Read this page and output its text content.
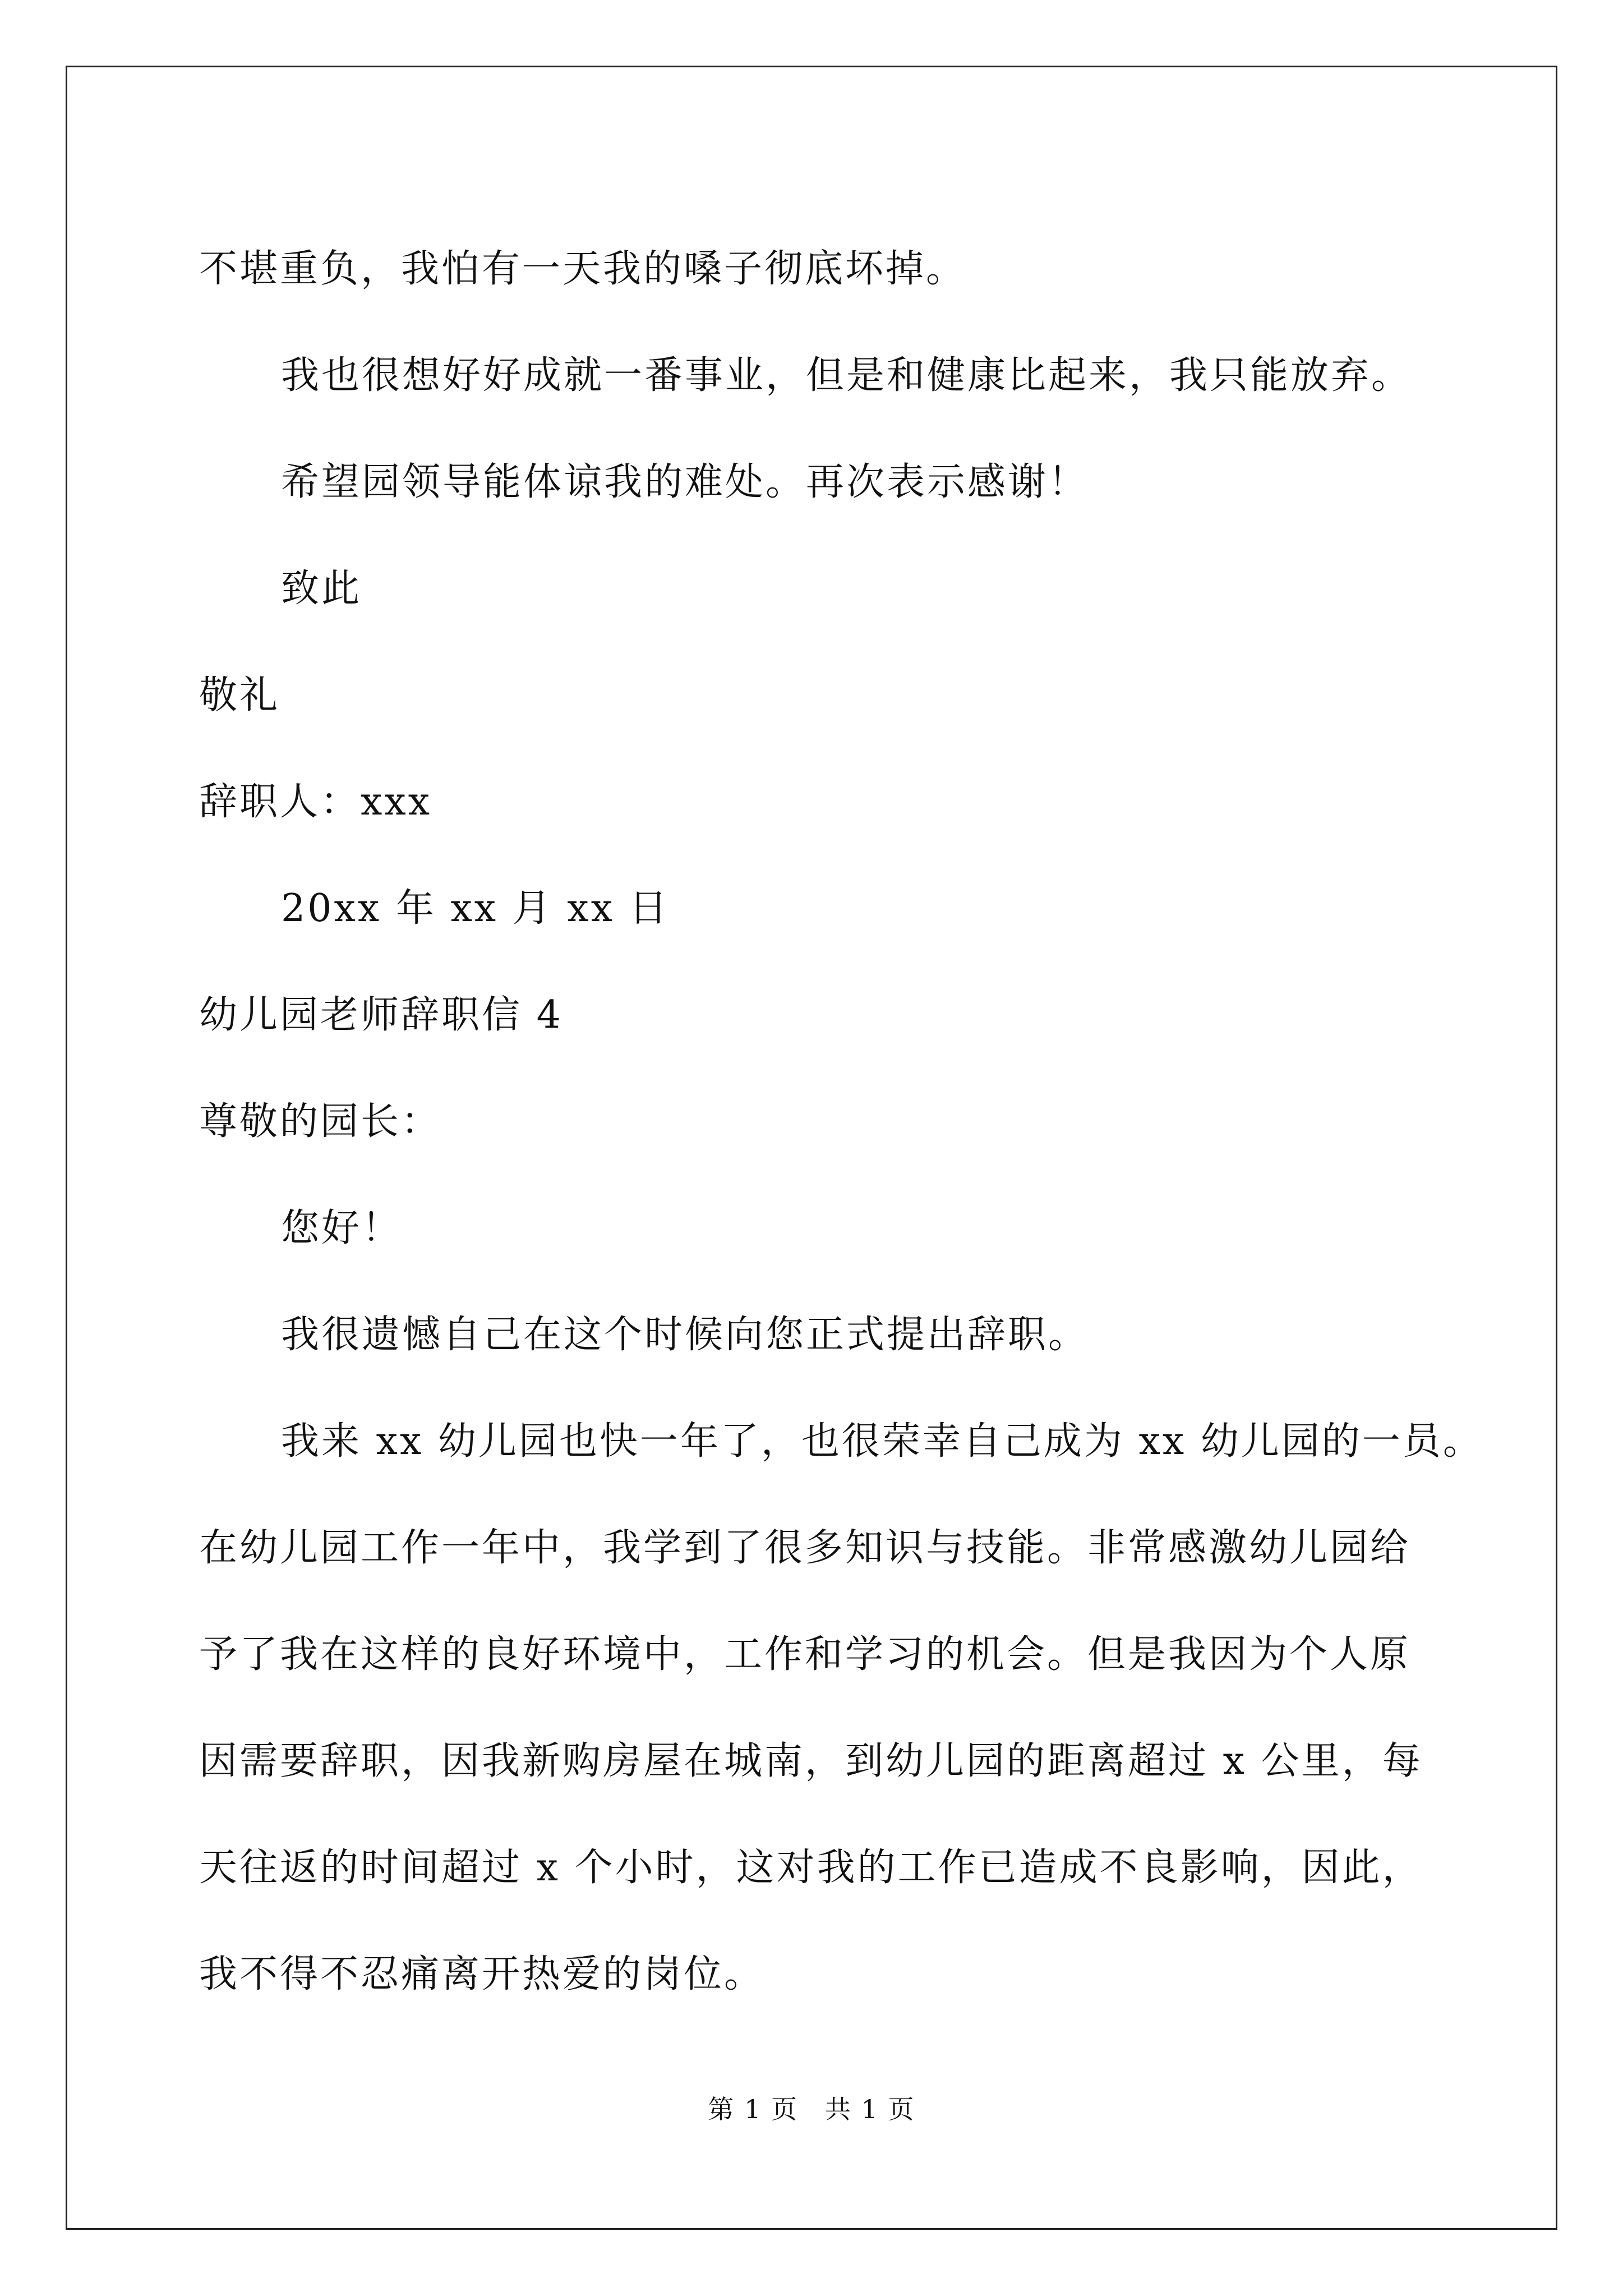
不堪重负，我怕有一天我的嗓子彻底坏掉。
我也很想好好成就一番事业，但是和健康比起来，我只能放弃。
希望园领导能体谅我的难处。再次表示感谢！
致此
敬礼
辞职人：xxx
20xx 年 xx 月 xx 日
幼儿园老师辞职信 4
尊敬的园长：
您好！
我很遗憾自己在这个时候向您正式提出辞职。
我来 xx 幼儿园也快一年了，也很荣幸自己成为 xx 幼儿园的一员。
在幼儿园工作一年中，我学到了很多知识与技能。非常感激幼儿园给
予了我在这样的良好环境中，工作和学习的机会。但是我因为个人原
因需要辞职，因我新购房屋在城南，到幼儿园的距离超过 x 公里，每
天往返的时间超过 x 个小时，这对我的工作已造成不良影响，因此，
我不得不忍痛离开热爱的岗位。
第 1 页　共 1 页
